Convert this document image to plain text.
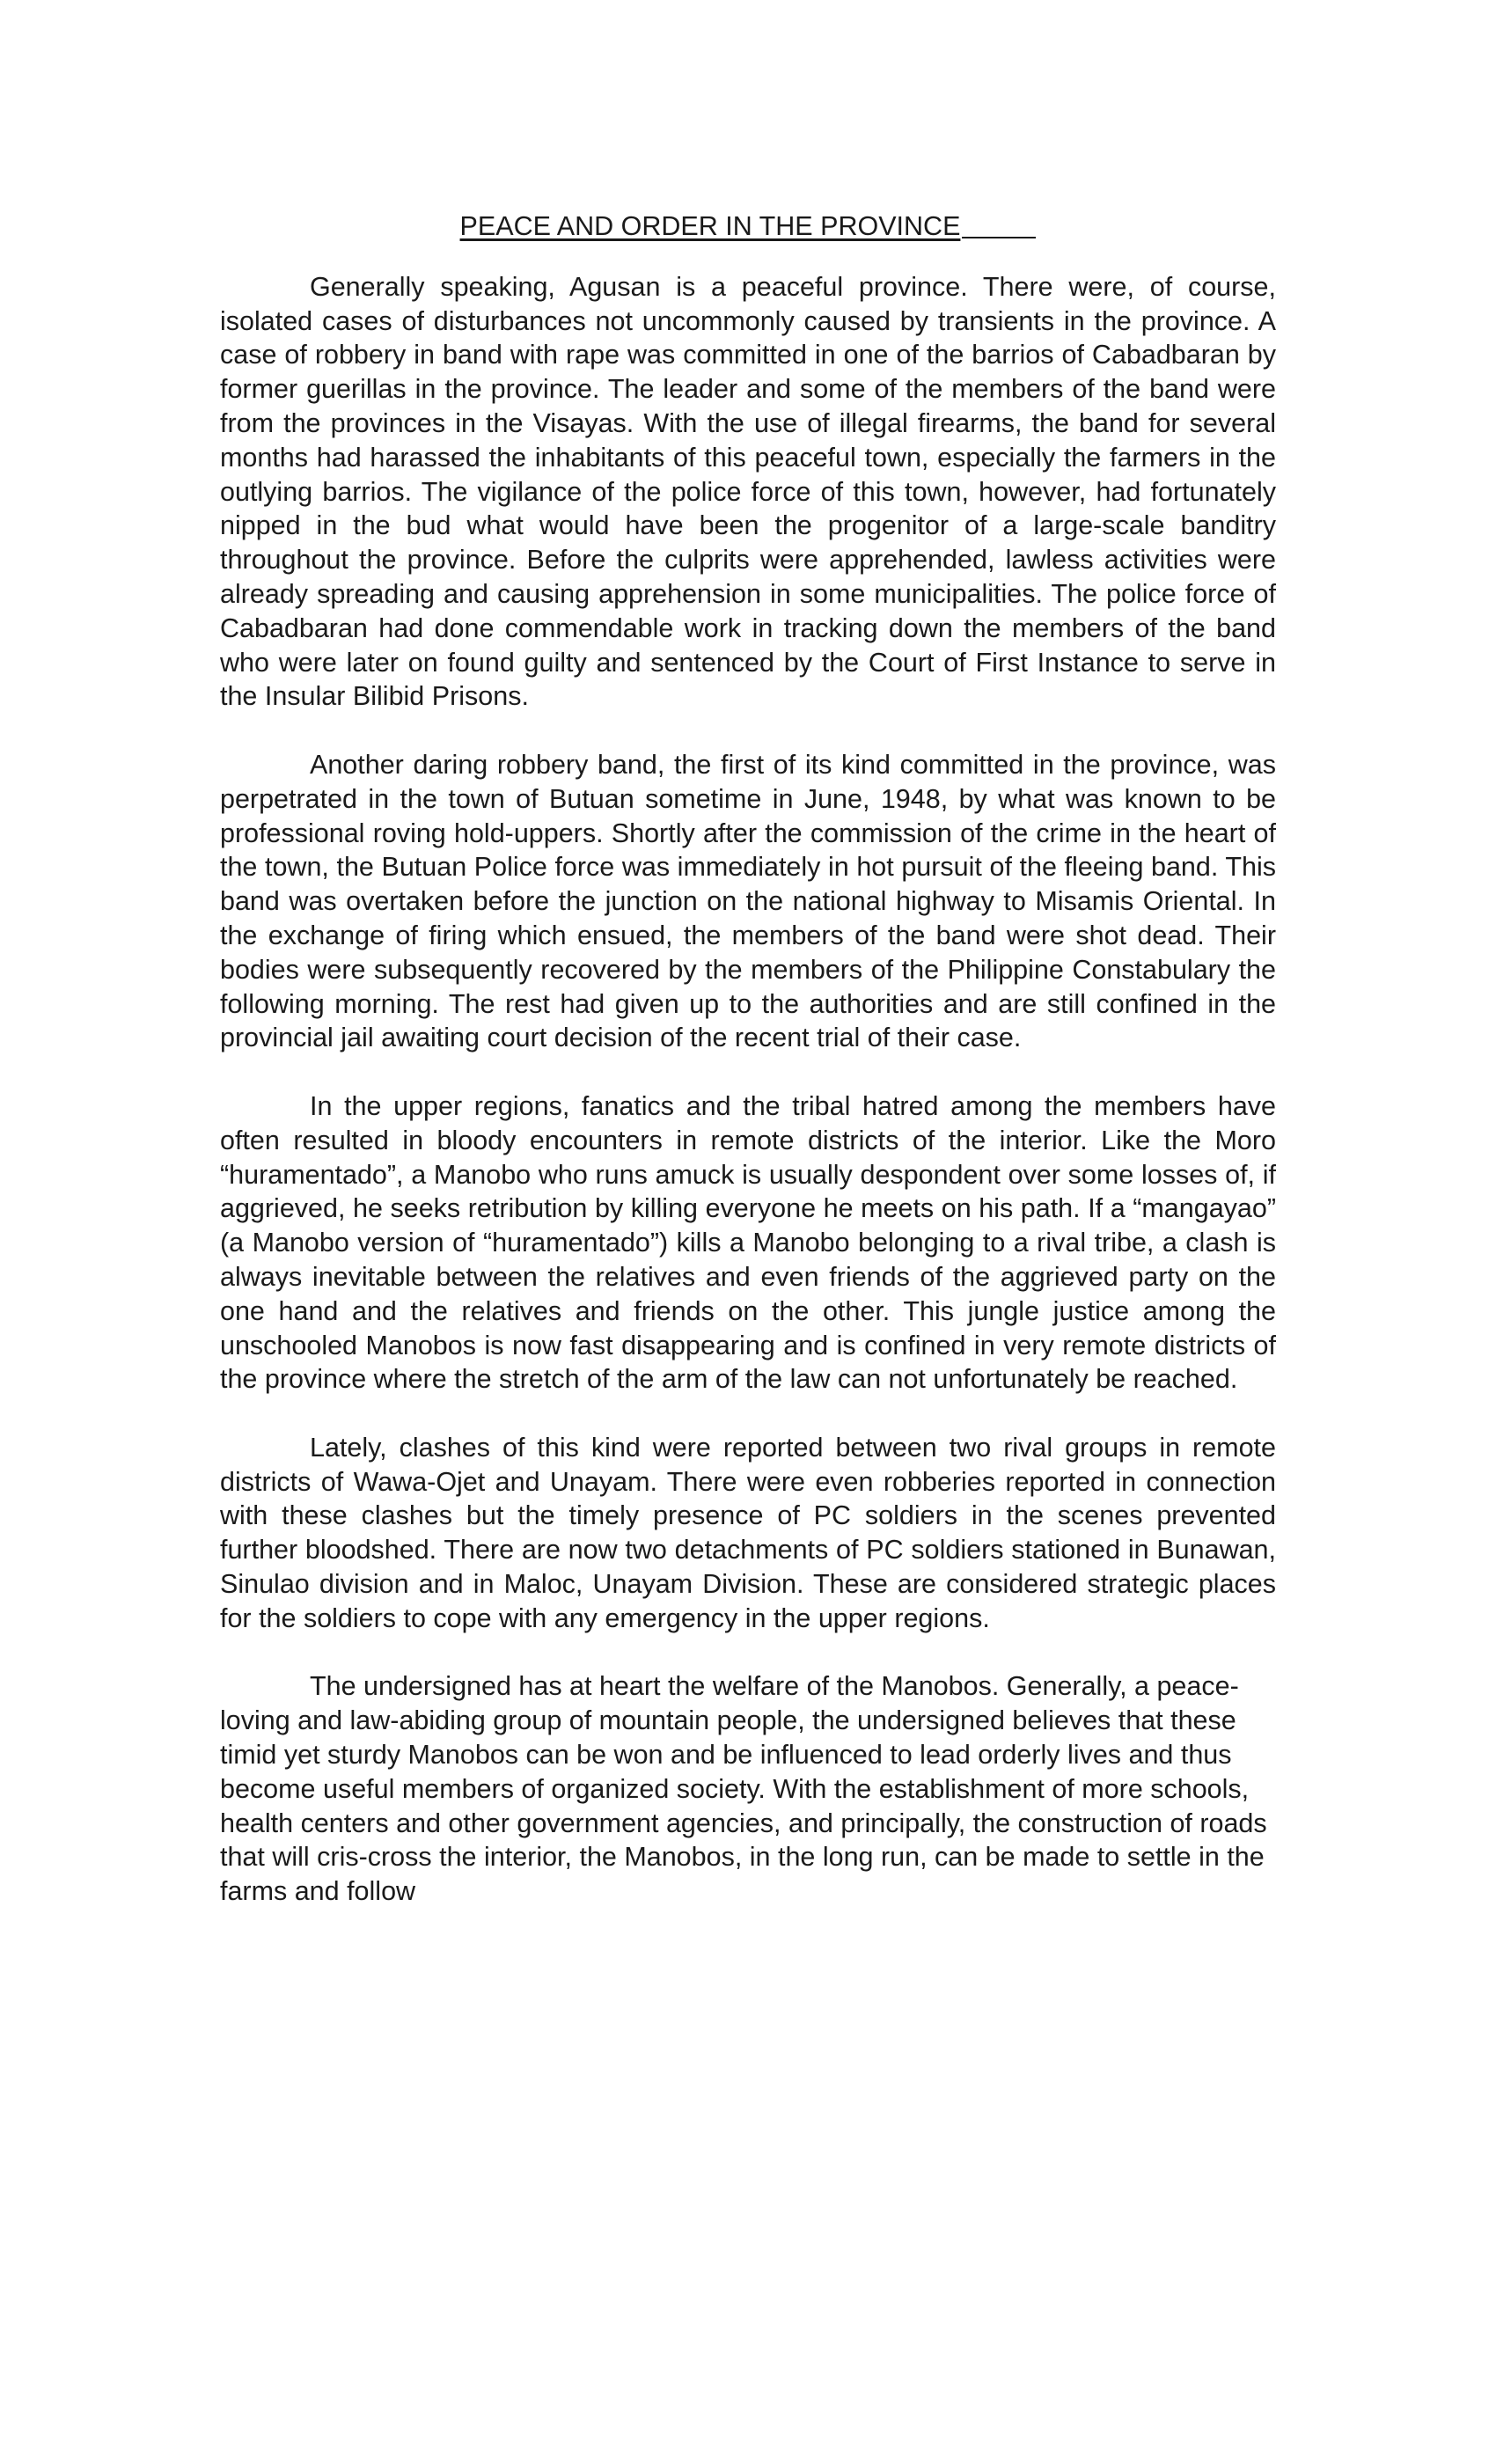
PEACE AND ORDER IN THE PROVINCE

Generally speaking, Agusan is a peaceful province. There were, of course, isolated cases of disturbances not uncommonly caused by transients in the province. A case of robbery in band with rape was committed in one of the barrios of Cabadbaran by former guerillas in the province. The leader and some of the members of the band were from the provinces in the Visayas. With the use of illegal firearms, the band for several months had harassed the inhabitants of this peaceful town, especially the farmers in the outlying barrios. The vigilance of the police force of this town, however, had fortunately nipped in the bud what would have been the progenitor of a large-scale banditry throughout the province. Before the culprits were apprehended, lawless activities were already spreading and causing apprehension in some municipalities. The police force of Cabadbaran had done commendable work in tracking down the members of the band who were later on found guilty and sentenced by the Court of First Instance to serve in the Insular Bilibid Prisons.

Another daring robbery band, the first of its kind committed in the province, was perpetrated in the town of Butuan sometime in June, 1948, by what was known to be professional roving hold-uppers. Shortly after the commission of the crime in the heart of the town, the Butuan Police force was immediately in hot pursuit of the fleeing band. This band was overtaken before the junction on the national highway to Misamis Oriental. In the exchange of firing which ensued, the members of the band were shot dead. Their bodies were subsequently recovered by the members of the Philippine Constabulary the following morning. The rest had given up to the authorities and are still confined in the provincial jail awaiting court decision of the recent trial of their case.

In the upper regions, fanatics and the tribal hatred among the members have often resulted in bloody encounters in remote districts of the interior. Like the Moro “huramentado”, a Manobo who runs amuck is usually despondent over some losses of, if aggrieved, he seeks retribution by killing everyone he meets on his path. If a “mangayao” (a Manobo version of “huramentado”) kills a Manobo belonging to a rival tribe, a clash is always inevitable between the relatives and even friends of the aggrieved party on the one hand and the relatives and friends on the other. This jungle justice among the unschooled Manobos is now fast disappearing and is confined in very remote districts of the province where the stretch of the arm of the law can not unfortunately be reached.

Lately, clashes of this kind were reported between two rival groups in remote districts of Wawa-Ojet and Unayam. There were even robberies reported in connection with these clashes but the timely presence of PC soldiers in the scenes prevented further bloodshed. There are now two detachments of PC soldiers stationed in Bunawan, Sinulao division and in Maloc, Unayam Division. These are considered strategic places for the soldiers to cope with any emergency in the upper regions.

The undersigned has at heart the welfare of the Manobos. Generally, a peace-loving and law-abiding group of mountain people, the undersigned believes that these timid yet sturdy Manobos can be won and be influenced to lead orderly lives and thus become useful members of organized society. With the establishment of more schools, health centers and other government agencies, and principally, the construction of roads that will cris-cross the interior, the Manobos, in the long run, can be made to settle in the farms and follow
